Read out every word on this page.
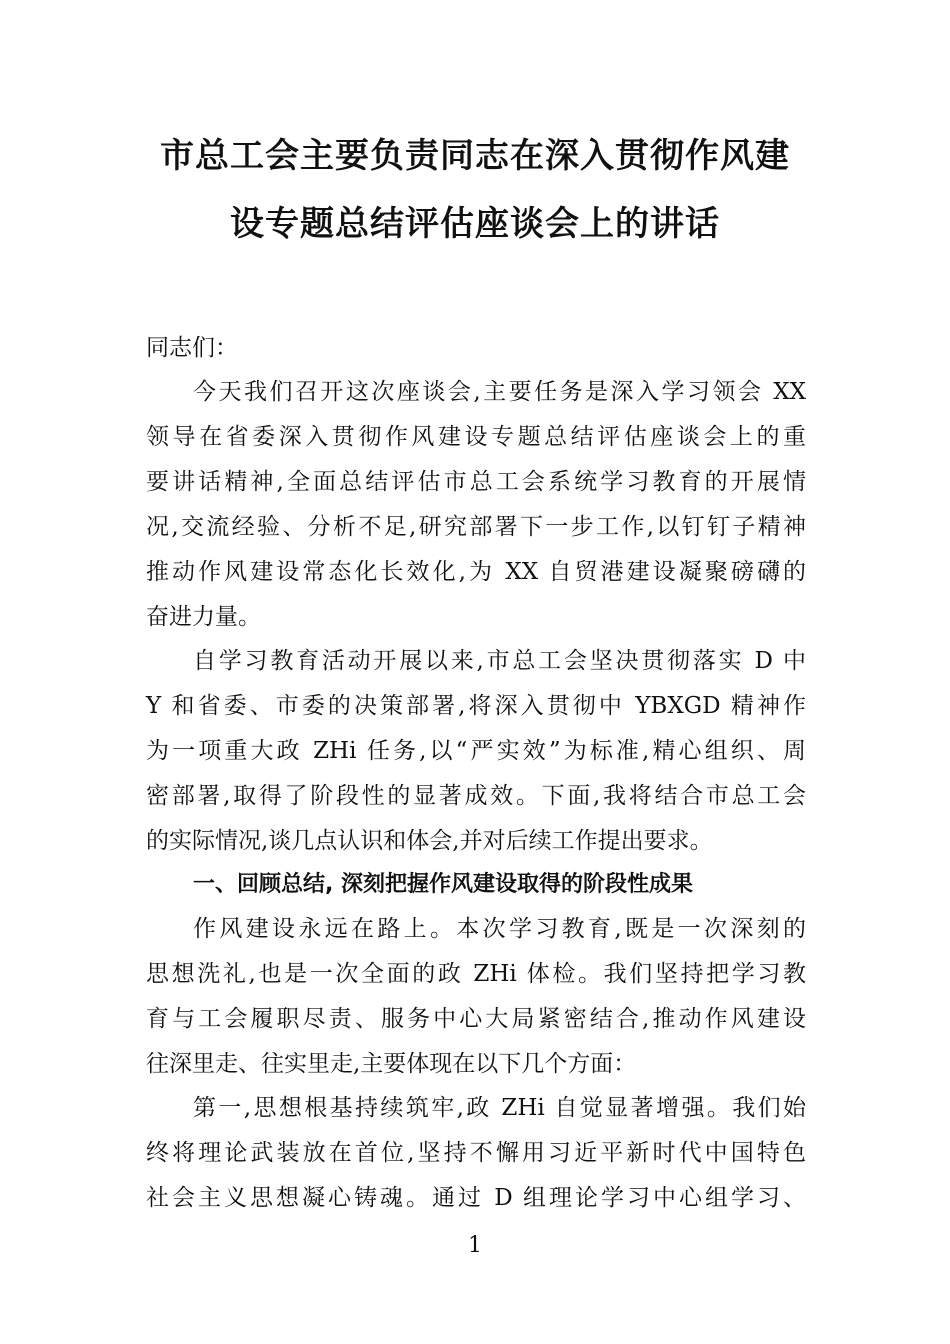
市总工会主要负责同志在深入贯彻作风建
设专题总结评估座谈会上的讲话
同志们：
今天我们召开这次座谈会,主要任务是深入学习领会 XX
领导在省委深入贯彻作风建设专题总结评估座谈会上的重
要讲话精神,全面总结评估市总工会系统学习教育的开展情
况,交流经验、分析不足,研究部署下一步工作,以钉钉子精神
推动作风建设常态化长效化,为 XX 自贸港建设凝聚磅礴的
奋进力量。
自学习教育活动开展以来,市总工会坚决贯彻落实 D 中
Y 和省委、市委的决策部署,将深入贯彻中 YBXGD 精神作
为一项重大政 ZHi 任务,以“严实效”为标准,精心组织、周
密部署,取得了阶段性的显著成效。下面,我将结合市总工会
的实际情况,谈几点认识和体会,并对后续工作提出要求。
一、回顾总结, 深刻把握作风建设取得的阶段性成果
作风建设永远在路上。本次学习教育,既是一次深刻的
思想洗礼,也是一次全面的政 ZHi 体检。我们坚持把学习教
育与工会履职尽责、服务中心大局紧密结合,推动作风建设
往深里走、往实里走,主要体现在以下几个方面：
第一,思想根基持续筑牢,政 ZHi 自觉显著增强。我们始
终将理论武装放在首位,坚持不懈用习近平新时代中国特色
社会主义思想凝心铸魂。通过 D 组理论学习中心组学习、
1
